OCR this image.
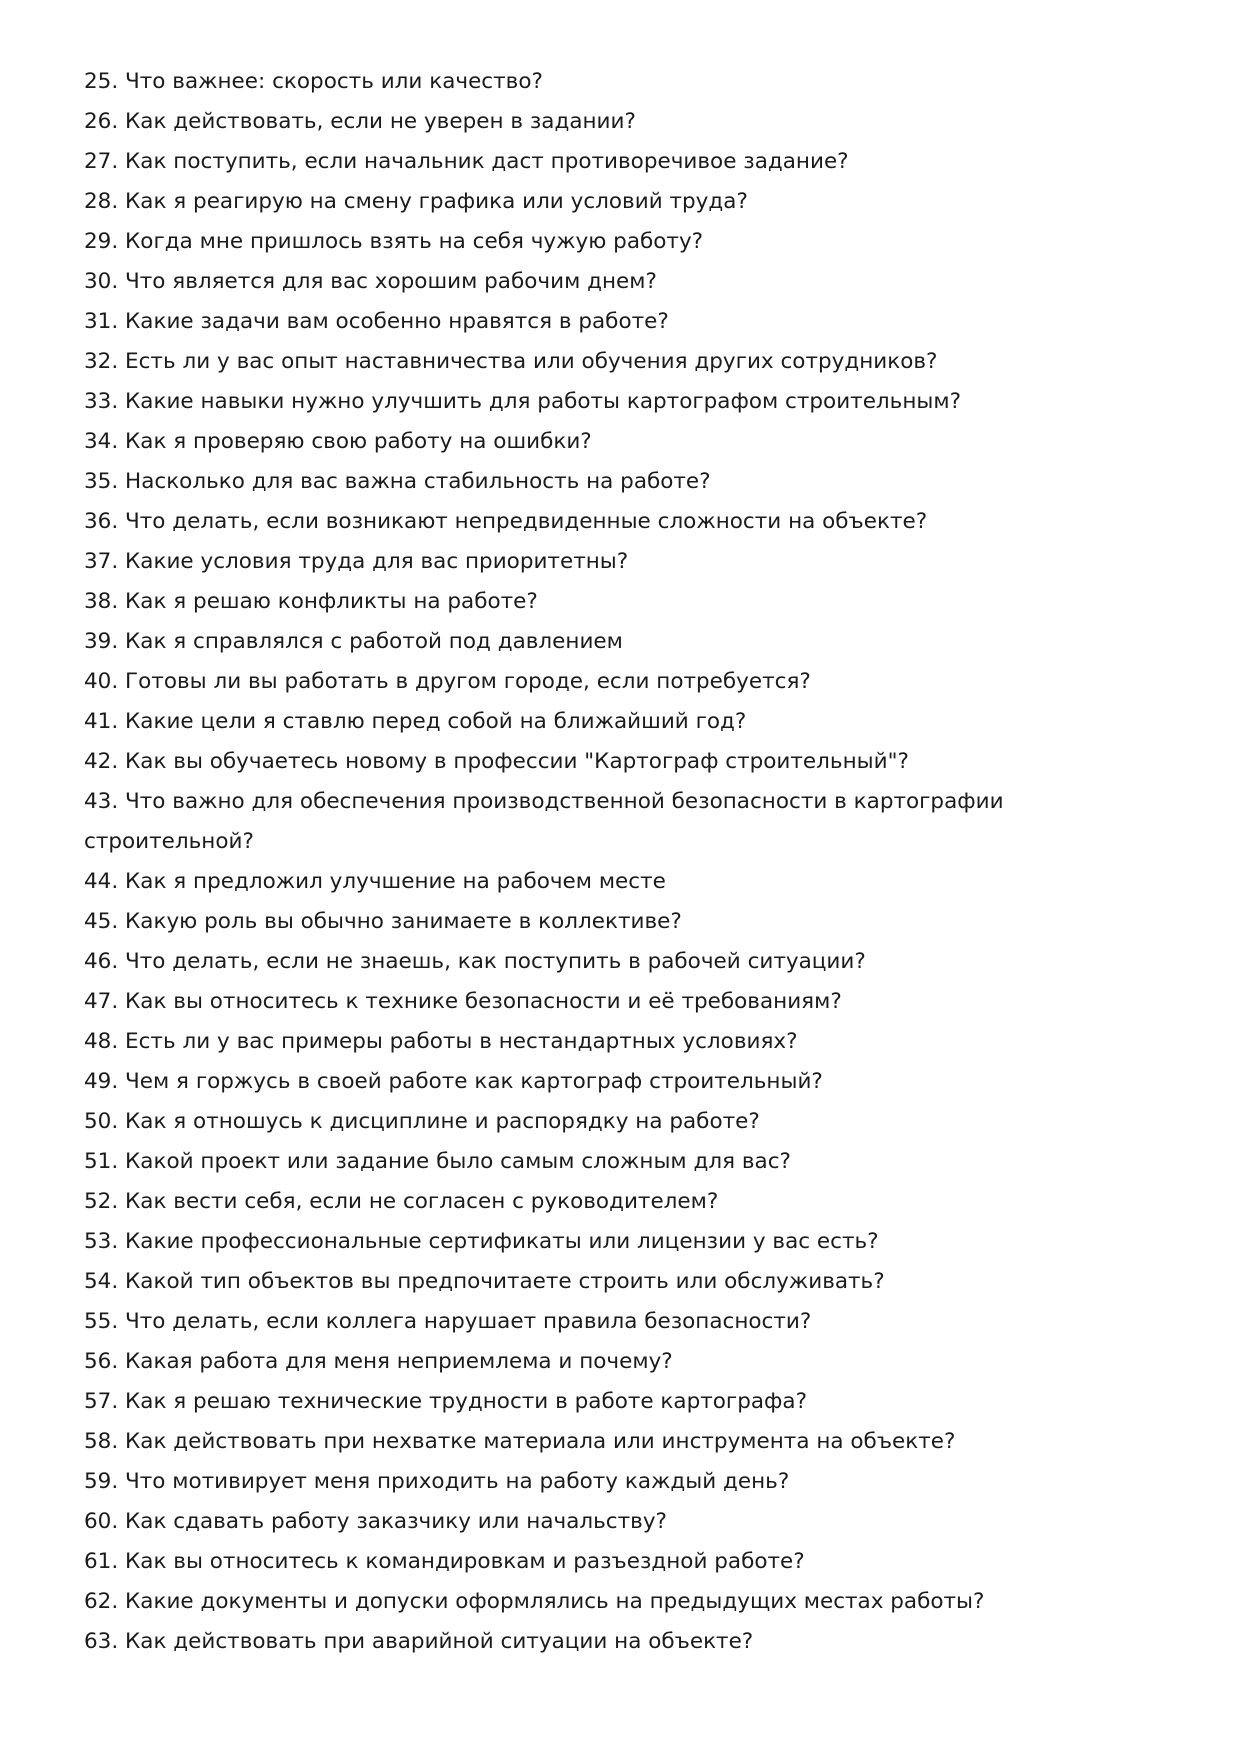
25. Что важнее: скорость или качество?
26. Как действовать, если не уверен в задании?
27. Как поступить, если начальник даст противоречивое задание?
28. Как я реагирую на смену графика или условий труда?
29. Когда мне пришлось взять на себя чужую работу?
30. Что является для вас хорошим рабочим днем?
31. Какие задачи вам особенно нравятся в работе?
32. Есть ли у вас опыт наставничества или обучения других сотрудников?
33. Какие навыки нужно улучшить для работы картографом строительным?
34. Как я проверяю свою работу на ошибки?
35. Насколько для вас важна стабильность на работе?
36. Что делать, если возникают непредвиденные сложности на объекте?
37. Какие условия труда для вас приоритетны?
38. Как я решаю конфликты на работе?
39. Как я справлялся с работой под давлением
40. Готовы ли вы работать в другом городе, если потребуется?
41. Какие цели я ставлю перед собой на ближайший год?
42. Как вы обучаетесь новому в профессии "Картограф строительный"?
43. Что важно для обеспечения производственной безопасности в картографии строительной?
44. Как я предложил улучшение на рабочем месте
45. Какую роль вы обычно занимаете в коллективе?
46. Что делать, если не знаешь, как поступить в рабочей ситуации?
47. Как вы относитесь к технике безопасности и её требованиям?
48. Есть ли у вас примеры работы в нестандартных условиях?
49. Чем я горжусь в своей работе как картограф строительный?
50. Как я отношусь к дисциплине и распорядку на работе?
51. Какой проект или задание было самым сложным для вас?
52. Как вести себя, если не согласен с руководителем?
53. Какие профессиональные сертификаты или лицензии у вас есть?
54. Какой тип объектов вы предпочитаете строить или обслуживать?
55. Что делать, если коллега нарушает правила безопасности?
56. Какая работа для меня неприемлема и почему?
57. Как я решаю технические трудности в работе картографа?
58. Как действовать при нехватке материала или инструмента на объекте?
59. Что мотивирует меня приходить на работу каждый день?
60. Как сдавать работу заказчику или начальству?
61. Как вы относитесь к командировкам и разъездной работе?
62. Какие документы и допуски оформлялись на предыдущих местах работы?
63. Как действовать при аварийной ситуации на объекте?
